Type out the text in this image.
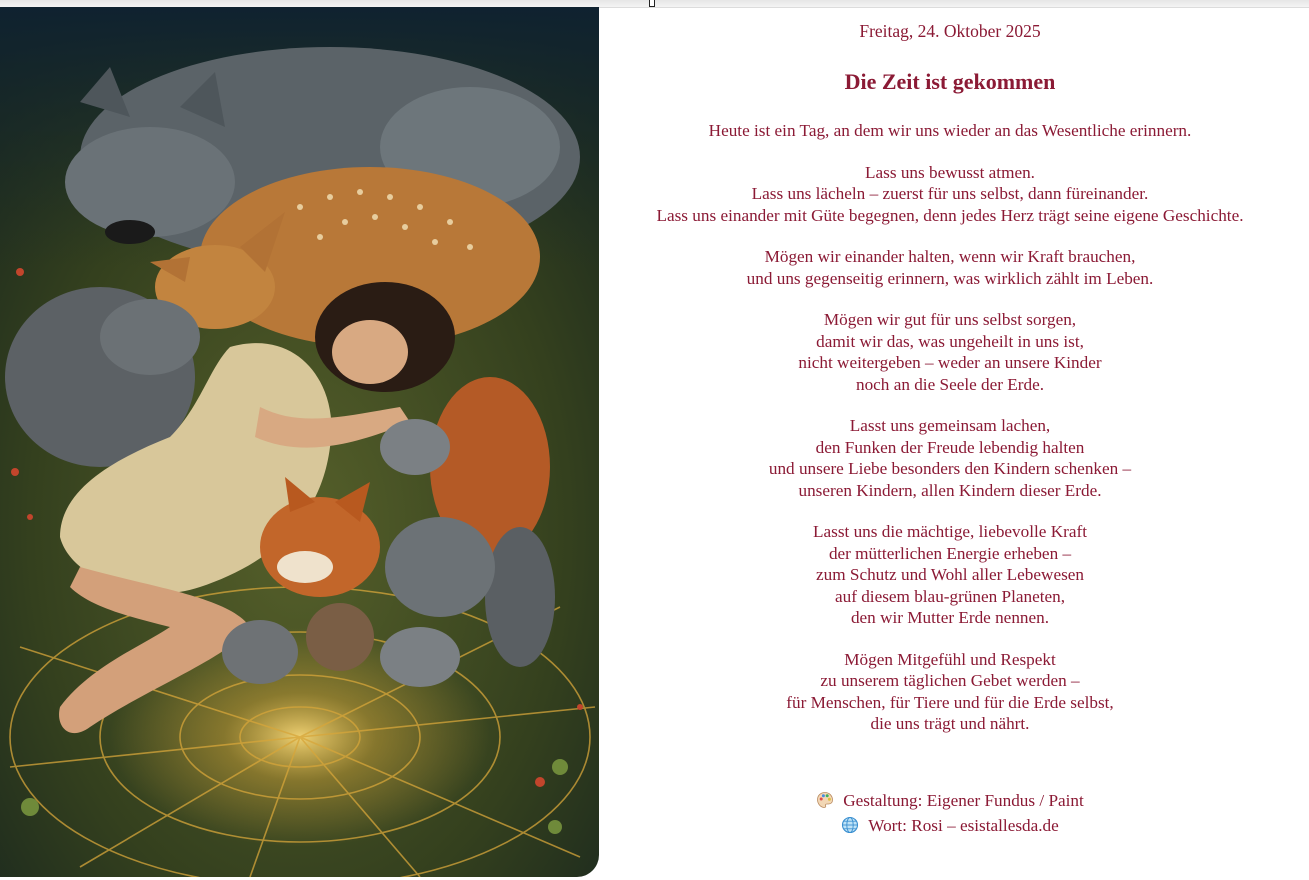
Freitag, 24. Oktober 2025
Die Zeit ist gekommen
Heute ist ein Tag, an dem wir uns wieder an das Wesentliche erinnern.
Lass uns bewusst atmen.
Lass uns lächeln – zuerst für uns selbst, dann füreinander.
Lass uns einander mit Güte begegnen, denn jedes Herz trägt seine eigene Geschichte.
Mögen wir einander halten, wenn wir Kraft brauchen,
und uns gegenseitig erinnern, was wirklich zählt im Leben.
Mögen wir gut für uns selbst sorgen,
damit wir das, was ungeheilt in uns ist,
nicht weitergeben – weder an unsere Kinder
noch an die Seele der Erde.
Lasst uns gemeinsam lachen,
den Funken der Freude lebendig halten
und unsere Liebe besonders den Kindern schenken –
unseren Kindern, allen Kindern dieser Erde.
Lasst uns die mächtige, liebevolle Kraft
der mütterlichen Energie erheben –
zum Schutz und Wohl aller Lebewesen
auf diesem blau-grünen Planeten,
den wir Mutter Erde nennen.
Mögen Mitgefühl und Respekt
zu unserem täglichen Gebet werden –
für Menschen, für Tiere und für die Erde selbst,
die uns trägt und nährt.
Gestaltung: Eigener Fundus / Paint
Wort: Rosi – esistallesda.de
